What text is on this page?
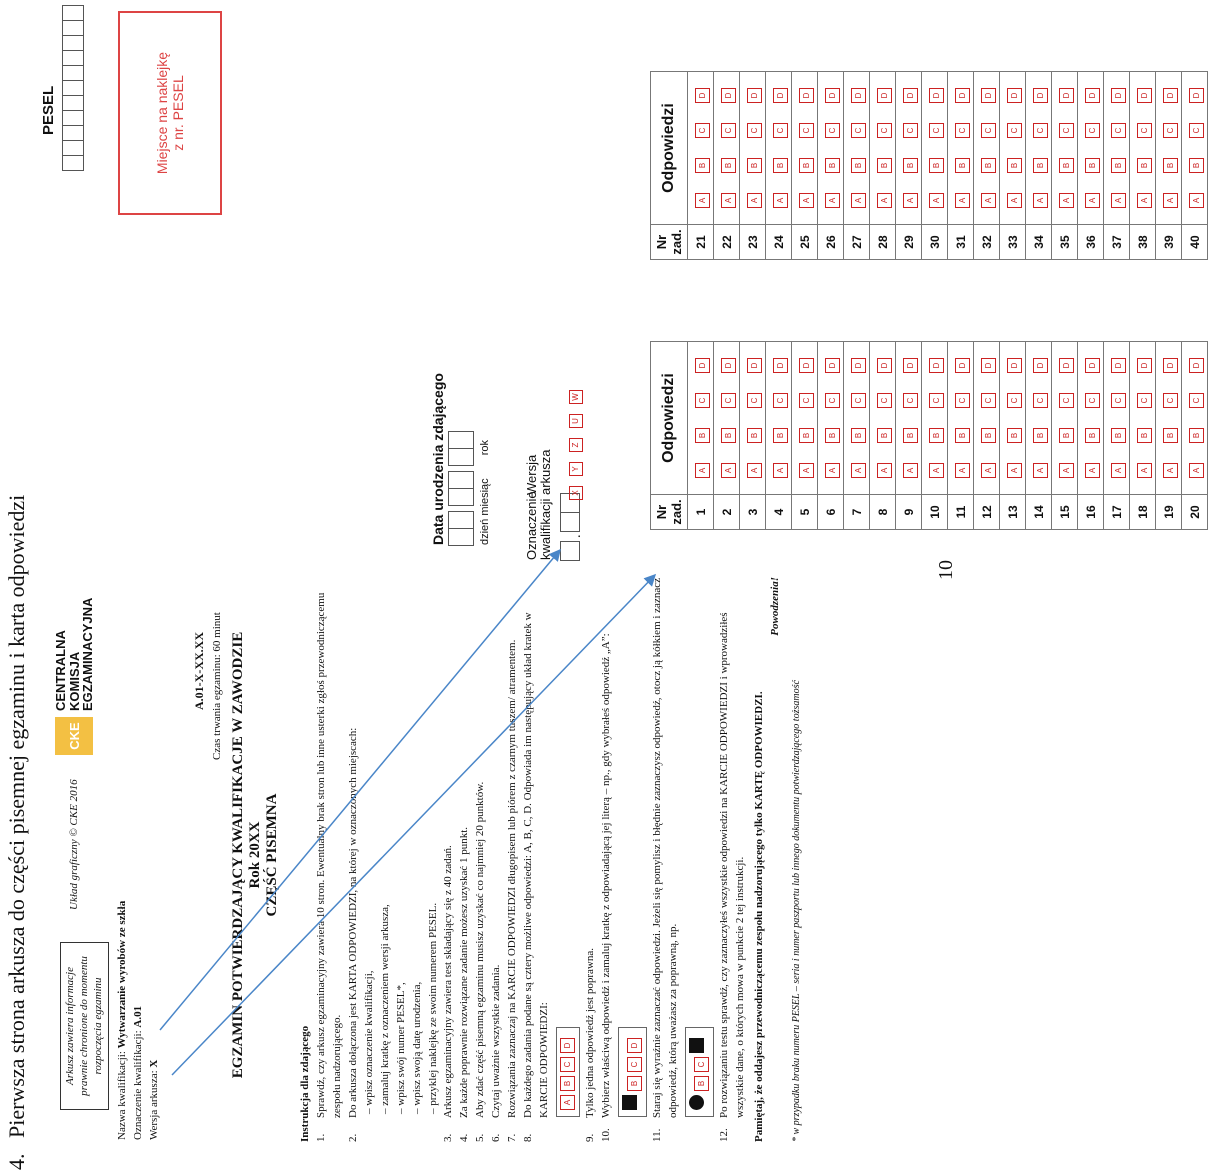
4. Pierwsza strona arkusza do części pisemnej egzaminu i karta odpowiedzi	10
Arkusz zawiera informacje prawnie chronione do momentu rozpoczęcia egzaminu
Układ graficzny © CKE 2016
CKE
CENTRALNA
KOMISJA
EGZAMINACYJNA
Nazwa kwalifikacji: Wytwarzanie wyrobów ze szkła
Oznaczenie kwalifikacji: A.01
Wersja arkusza: X
A.01-X-XX.XX Czas trwania egzaminu: 60 minut EGZAMIN POTWIERDZAJĄCY KWALIFIKACJE W ZAWODZIE Rok 20XX CZĘŚĆ PISEMNA
Instrukcja dla zdającego 1.
Sprawdź, czy arkusz egzaminacyjny zawiera 10 stron. Ewentualny brak stron lub inne usterki zgłoś przewodniczącemu zespołu nadzorującego.
2.
Do arkusza dołączona jest KARTA ODPOWIEDZI, na której w oznaczonych miejscach: – wpisz oznaczenie kwalifikacji,
– zamaluj kratkę z oznaczeniem wersji arkusza,
– wpisz swój numer PESEL*,
– wpisz swoją datę urodzenia,
– przyklej naklejkę ze swoim numerem PESEL.
3.
Arkusz egzaminacyjny zawiera test składający się z 40 zadań.
4.
Za każde poprawnie rozwiązane zadanie możesz uzyskać 1 punkt.
5.
Aby zdać część pisemną egzaminu musisz uzyskać co najmniej 20 punktów.
6.
Czytaj uważnie wszystkie zadania.
7.
Rozwiązania zaznaczaj na KARCIE ODPOWIEDZI długopisem lub piórem z czarnym tuszem/ atramentem.
8.
Do każdego zadania podane są cztery możliwe odpowiedzi: A, B, C, D. Odpowiada im następujący układ kratek w KARCIE ODPOWIEDZI:	ABCD
9.
Tylko jedna odpowiedź jest poprawna.
10.
Wybierz właściwą odpowiedź i zamaluj kratkę z odpowiadającą jej literą – np., gdy wybrałeś odpowiedź „A”:	BCD
11.
Staraj się wyraźnie zaznaczać odpowiedzi. Jeżeli się pomylisz i błędnie zaznaczysz odpowiedź, otocz ją kółkiem i zaznacz odpowiedź, którą uważasz za poprawną, np.	BC
12.
Po rozwiązaniu testu sprawdź, czy zaznaczyłeś wszystkie odpowiedzi na KARCIE ODPOWIEDZI i wprowadziłeś wszystkie dane, o których mowa w punkcie 2 tej instrukcji. Pamiętaj, że oddajesz przewodniczącemu zespołu nadzorującego tylko KARTĘ ODPOWIEDZI.
Powodzenia!
* w przypadku braku numeru PESEL – seria i numer paszportu lub innego dokumentu potwierdzającego tożsamość
Data urodzenia zdającego	dzień miesiąc rok
Oznaczenie
kwalifikacji	.
Wersja
arkusza	XYZUW
PESEL	Miejsce na naklejkę z nr. PESEL
Nr zad.	Odpowiedzi
1	ABCD
2	ABCD
3	ABCD
4	ABCD
5	ABCD
6	ABCD
7	ABCD
8	ABCD
9	ABCD
10	ABCD
11	ABCD
12	ABCD
13	ABCD
14	ABCD
15	ABCD
16	ABCD
17	ABCD
18	ABCD
19	ABCD
20	ABCD
Nr zad.	Odpowiedzi
21	ABCD
22	ABCD
23	ABCD
24	ABCD
25	ABCD
26	ABCD
27	ABCD
28	ABCD
29	ABCD
30	ABCD
31	ABCD
32	ABCD
33	ABCD
34	ABCD
35	ABCD
36	ABCD
37	ABCD
38	ABCD
39	ABCD
40	ABCD
